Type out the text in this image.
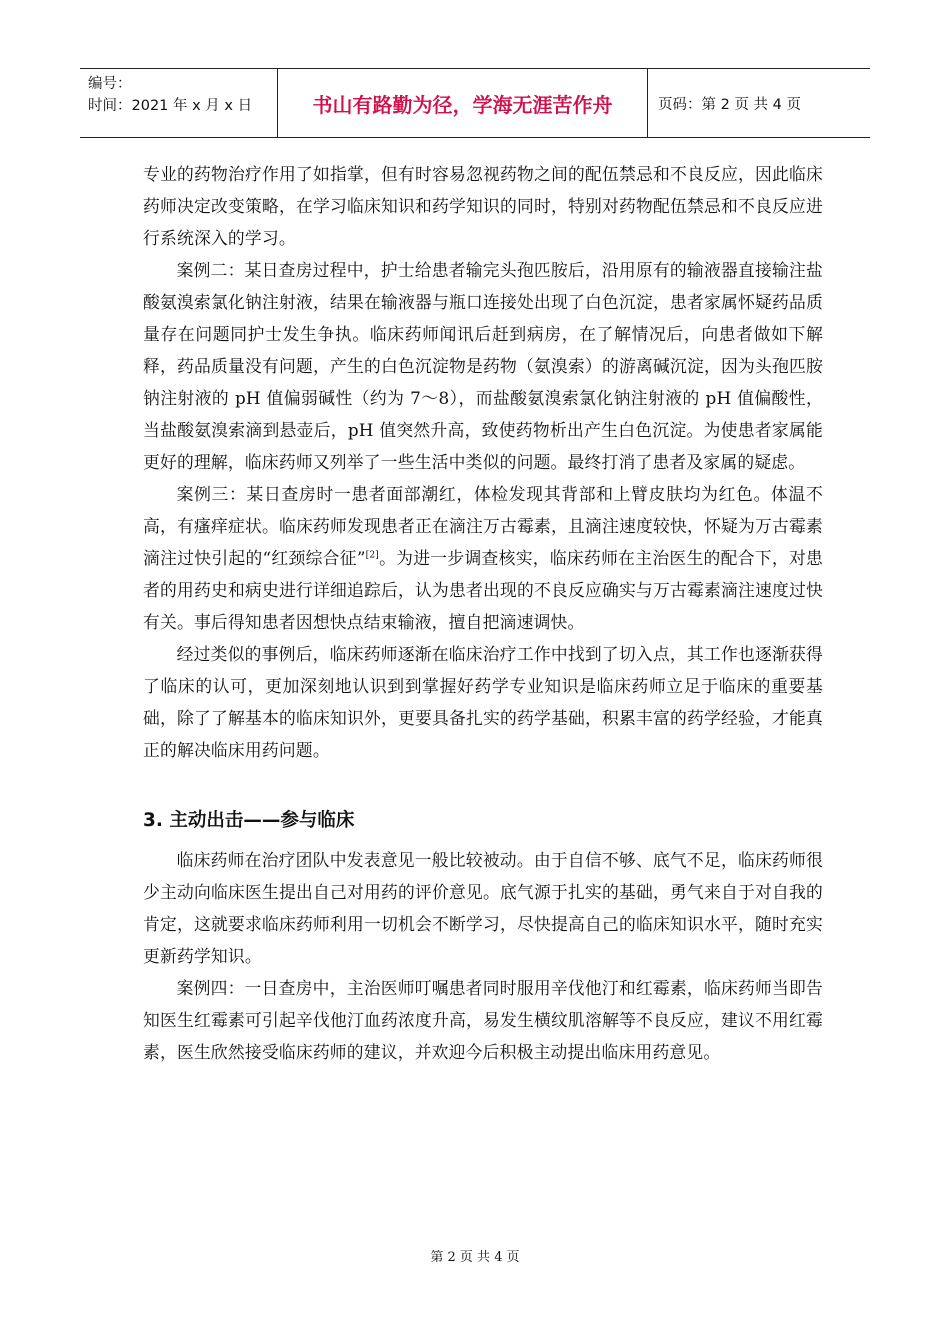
编号：
时间：2021 年 x 月 x 日	书山有路勤为径，学海无涯苦作舟	页码：第 2 页 共 4 页

专业的药物治疗作用了如指掌，但有时容易忽视药物之间的配伍禁忌和不良反应，因此临床药师决定改变策略，在学习临床知识和药学知识的同时，特别对药物配伍禁忌和不良反应进行系统深入的学习。

案例二：某日查房过程中，护士给患者输完头孢匹胺后，沿用原有的输液器直接输注盐酸氨溴索氯化钠注射液，结果在输液器与瓶口连接处出现了白色沉淀，患者家属怀疑药品质量存在问题同护士发生争执。临床药师闻讯后赶到病房，在了解情况后，向患者做如下解释，药品质量没有问题，产生的白色沉淀物是药物（氨溴索）的游离碱沉淀，因为头孢匹胺钠注射液的 pH 值偏弱碱性（约为 7～8），而盐酸氨溴索氯化钠注射液的 pH 值偏酸性，当盐酸氨溴索滴到悬壶后，pH 值突然升高，致使药物析出产生白色沉淀。为使患者家属能更好的理解，临床药师又列举了一些生活中类似的问题。最终打消了患者及家属的疑虑。

案例三：某日查房时一患者面部潮红，体检发现其背部和上臂皮肤均为红色。体温不高，有瘙痒症状。临床药师发现患者正在滴注万古霉素，且滴注速度较快，怀疑为万古霉素滴注过快引起的“红颈综合征”[2]。为进一步调查核实，临床药师在主治医生的配合下，对患者的用药史和病史进行详细追踪后，认为患者出现的不良反应确实与万古霉素滴注速度过快有关。事后得知患者因想快点结束输液，擅自把滴速调快。

经过类似的事例后，临床药师逐渐在临床治疗工作中找到了切入点，其工作也逐渐获得了临床的认可，更加深刻地认识到到掌握好药学专业知识是临床药师立足于临床的重要基础，除了了解基本的临床知识外，更要具备扎实的药学基础，积累丰富的药学经验，才能真正的解决临床用药问题。

3. 主动出击——参与临床

临床药师在治疗团队中发表意见一般比较被动。由于自信不够、底气不足，临床药师很少主动向临床医生提出自己对用药的评价意见。底气源于扎实的基础，勇气来自于对自我的肯定，这就要求临床药师利用一切机会不断学习，尽快提高自己的临床知识水平，随时充实更新药学知识。

案例四：一日查房中，主治医师叮嘱患者同时服用辛伐他汀和红霉素，临床药师当即告知医生红霉素可引起辛伐他汀血药浓度升高，易发生横纹肌溶解等不良反应，建议不用红霉素，医生欣然接受临床药师的建议，并欢迎今后积极主动提出临床用药意见。

第 2 页 共 4 页
